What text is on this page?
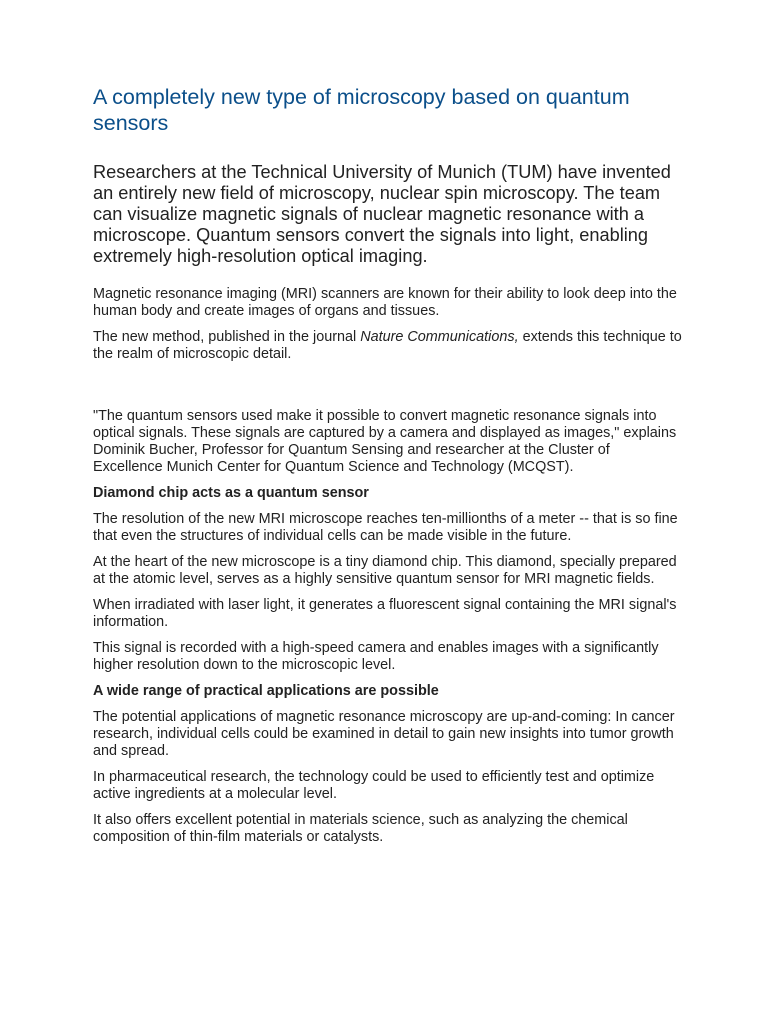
A completely new type of microscopy based on quantum sensors

Researchers at the Technical University of Munich (TUM) have invented an entirely new field of microscopy, nuclear spin microscopy. The team can visualize magnetic signals of nuclear magnetic resonance with a microscope. Quantum sensors convert the signals into light, enabling extremely high-resolution optical imaging.

Magnetic resonance imaging (MRI) scanners are known for their ability to look deep into the human body and create images of organs and tissues.

The new method, published in the journal Nature Communications, extends this technique to the realm of microscopic detail.

"The quantum sensors used make it possible to convert magnetic resonance signals into optical signals. These signals are captured by a camera and displayed as images," explains Dominik Bucher, Professor for Quantum Sensing and researcher at the Cluster of Excellence Munich Center for Quantum Science and Technology (MCQST).

Diamond chip acts as a quantum sensor

The resolution of the new MRI microscope reaches ten-millionths of a meter -- that is so fine that even the structures of individual cells can be made visible in the future.

At the heart of the new microscope is a tiny diamond chip. This diamond, specially prepared at the atomic level, serves as a highly sensitive quantum sensor for MRI magnetic fields.

When irradiated with laser light, it generates a fluorescent signal containing the MRI signal's information.

This signal is recorded with a high-speed camera and enables images with a significantly higher resolution down to the microscopic level.

A wide range of practical applications are possible

The potential applications of magnetic resonance microscopy are up-and-coming: In cancer research, individual cells could be examined in detail to gain new insights into tumor growth and spread.

In pharmaceutical research, the technology could be used to efficiently test and optimize active ingredients at a molecular level.

It also offers excellent potential in materials science, such as analyzing the chemical composition of thin-film materials or catalysts.
